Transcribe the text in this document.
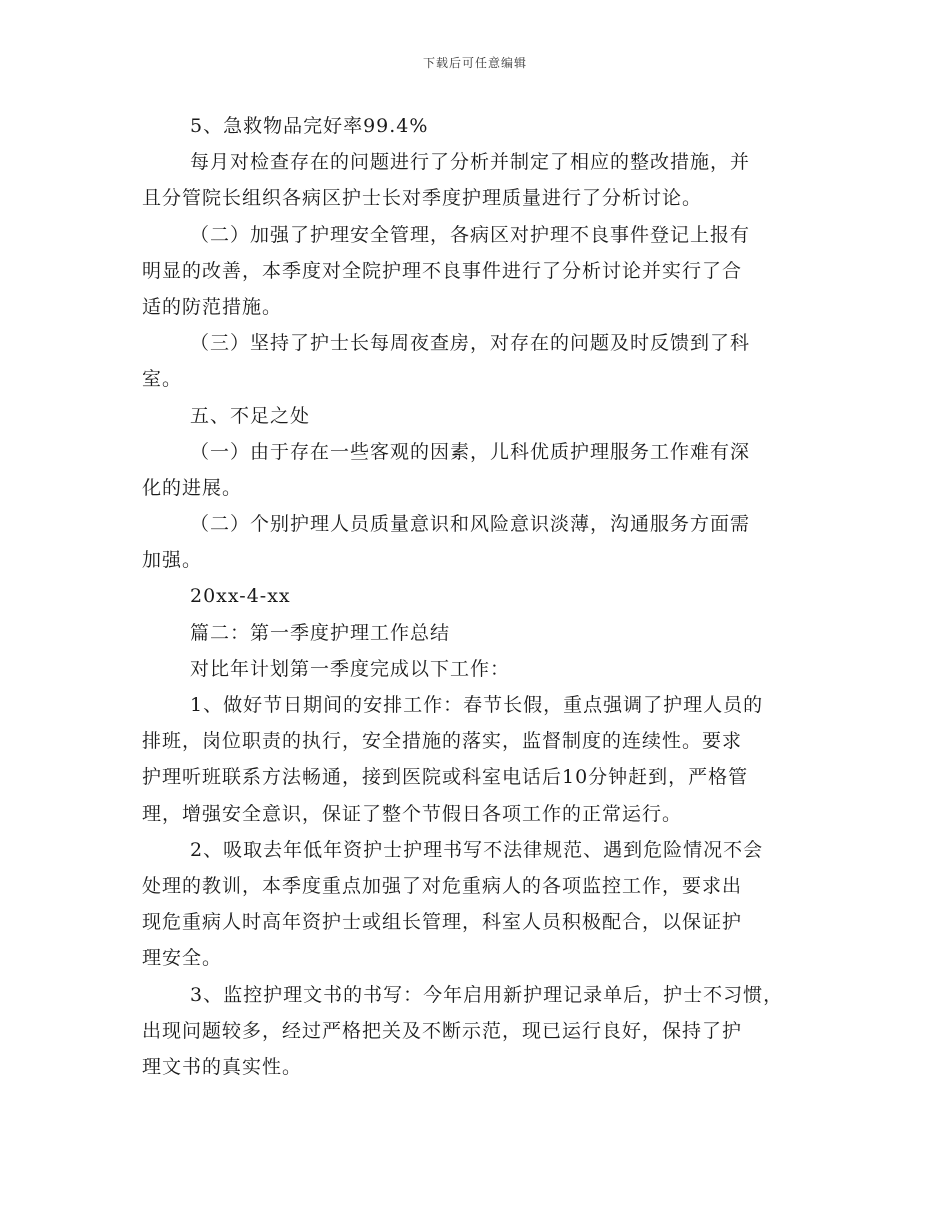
下载后可任意编辑
5、急救物品完好率99.4%
每月对检查存在的问题进行了分析并制定了相应的整改措施，并
且分管院长组织各病区护士长对季度护理质量进行了分析讨论。
（二）加强了护理安全管理，各病区对护理不良事件登记上报有
明显的改善，本季度对全院护理不良事件进行了分析讨论并实行了合
适的防范措施。
（三）坚持了护士长每周夜查房，对存在的问题及时反馈到了科
室。
五、不足之处
（一）由于存在一些客观的因素，儿科优质护理服务工作难有深
化的进展。
（二）个别护理人员质量意识和风险意识淡薄，沟通服务方面需
加强。
20xx-4-xx
篇二：第一季度护理工作总结
对比年计划第一季度完成以下工作：
1、做好节日期间的安排工作：春节长假，重点强调了护理人员的
排班，岗位职责的执行，安全措施的落实，监督制度的连续性。要求
护理听班联系方法畅通，接到医院或科室电话后10分钟赶到，严格管
理，增强安全意识，保证了整个节假日各项工作的正常运行。
2、吸取去年低年资护士护理书写不法律规范、遇到危险情况不会
处理的教训，本季度重点加强了对危重病人的各项监控工作，要求出
现危重病人时高年资护士或组长管理，科室人员积极配合，以保证护
理安全。
3、监控护理文书的书写：今年启用新护理记录单后，护士不习惯，
出现问题较多，经过严格把关及不断示范，现已运行良好，保持了护
理文书的真实性。
